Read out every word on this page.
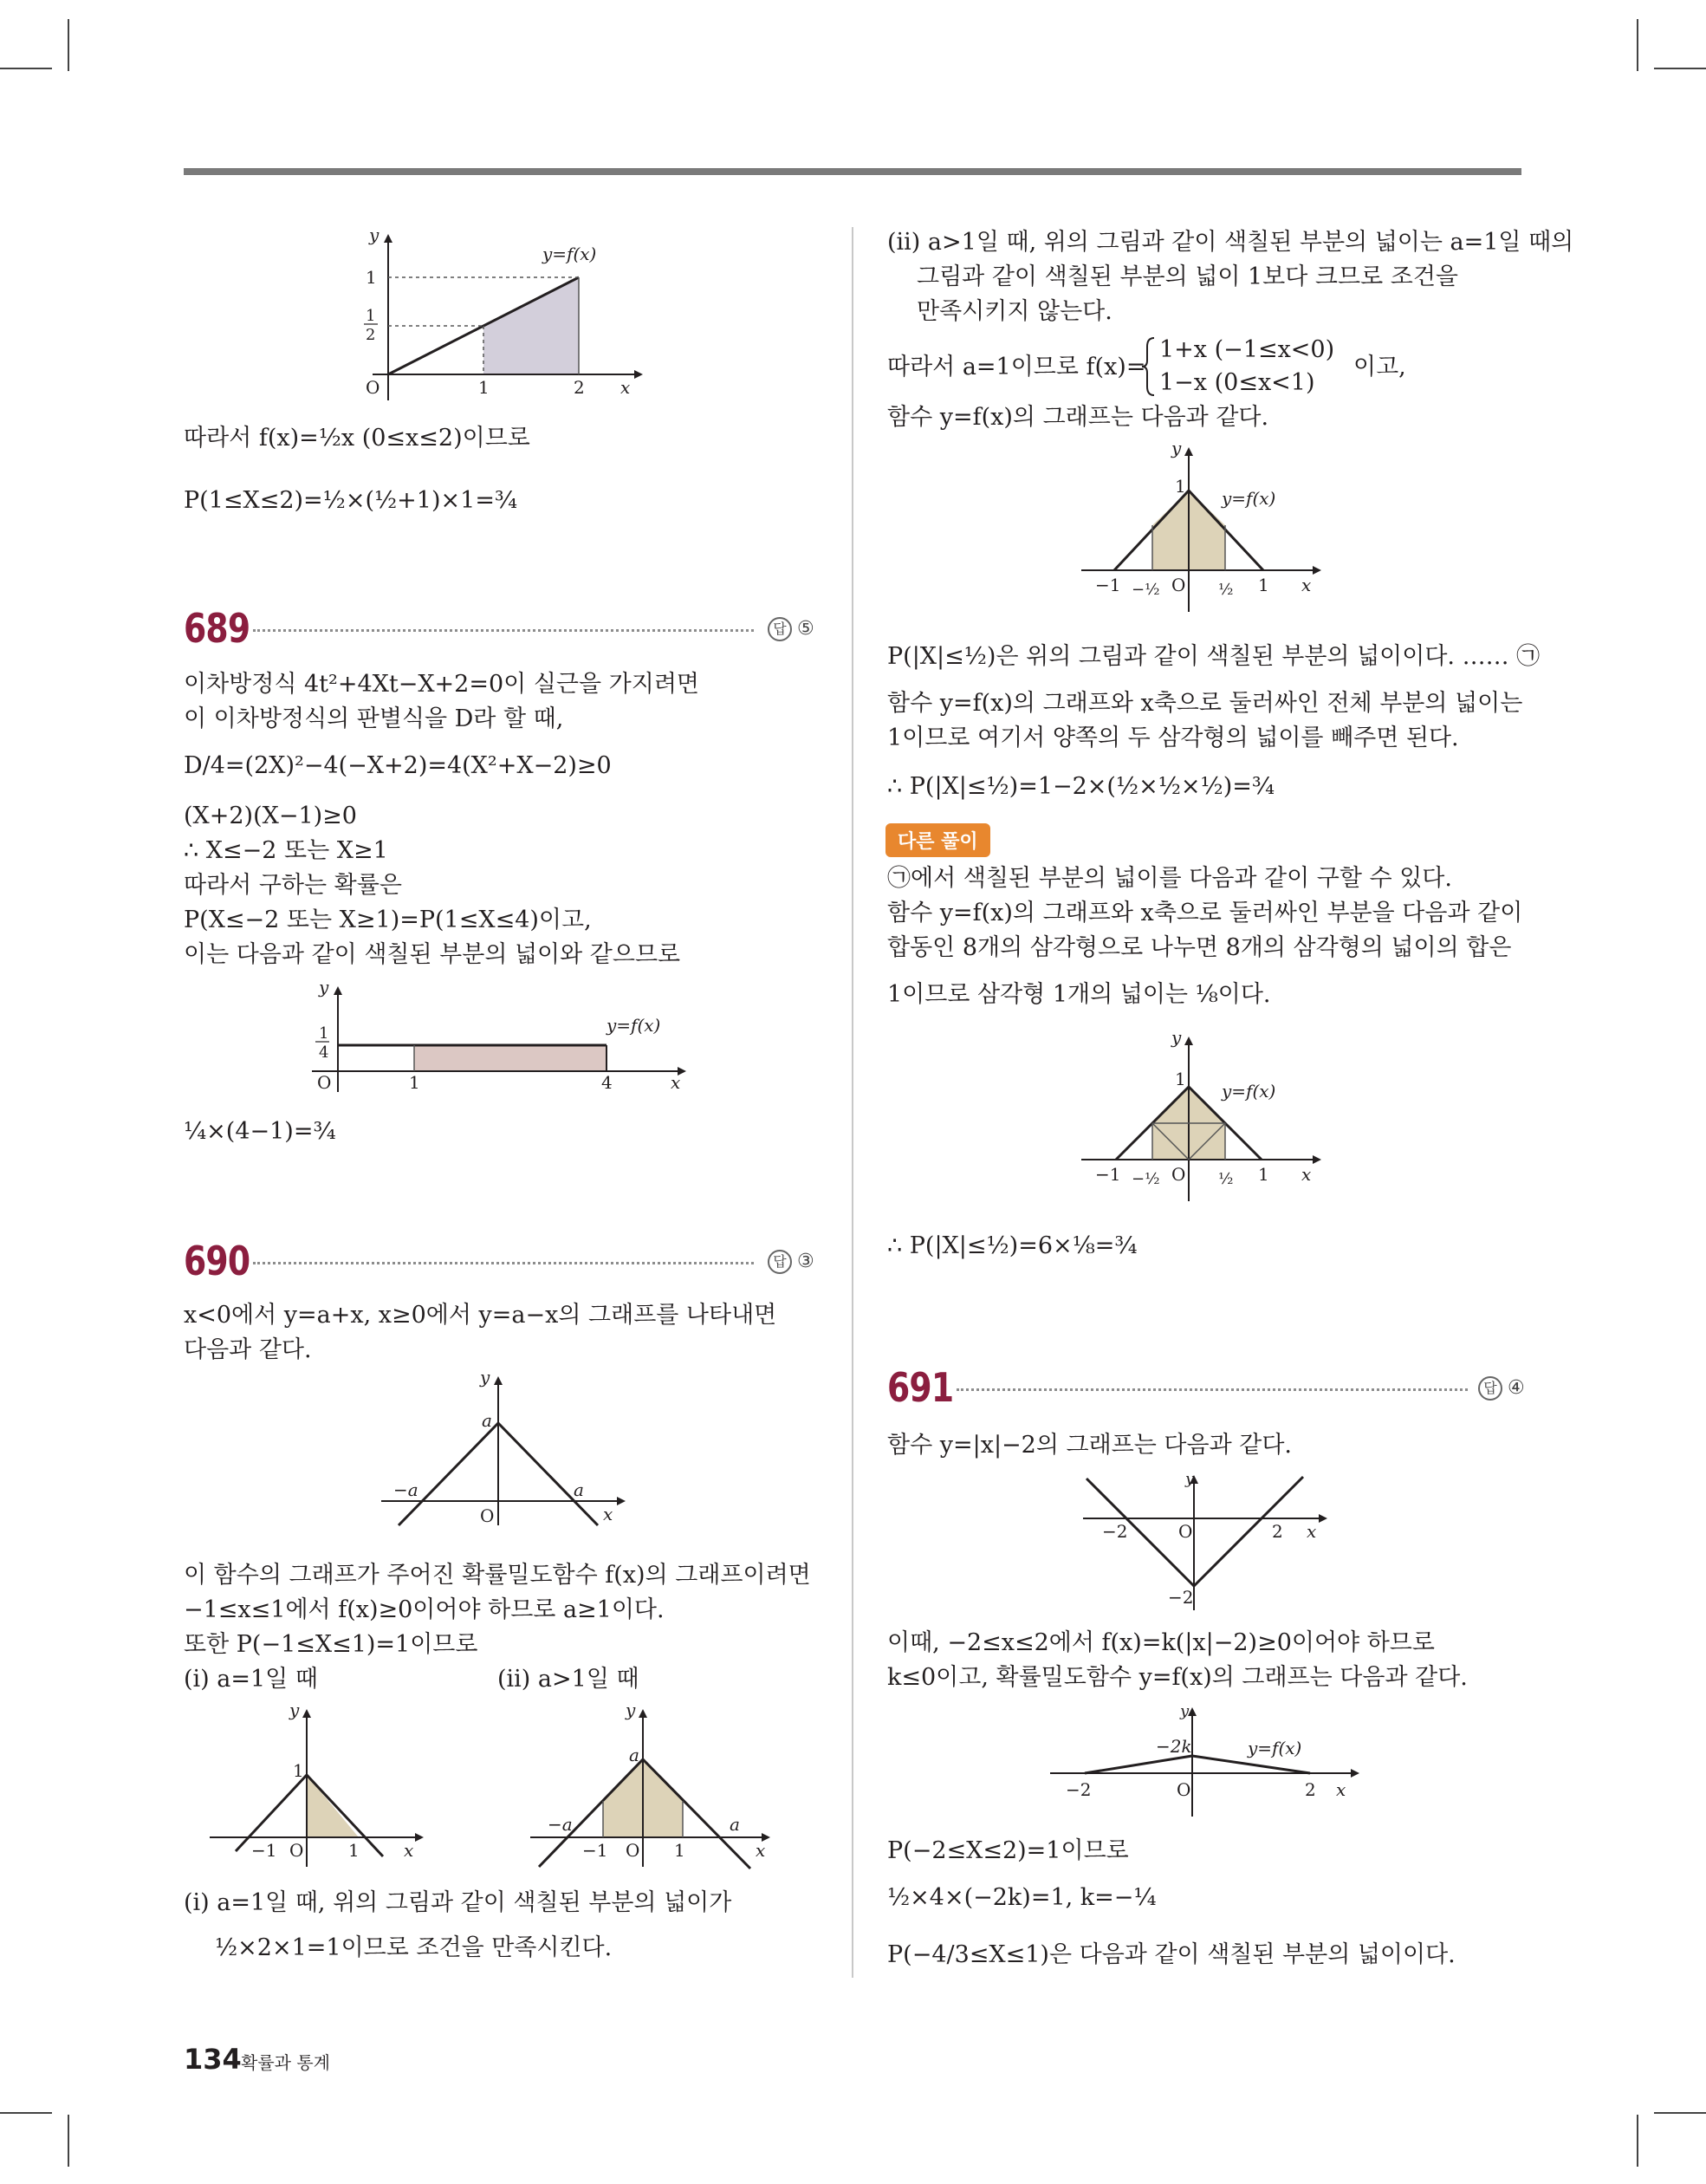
y
1
1
2
O	1	2 x
y=f(x)
따라서 f(x)=½x (0≤x≤2)이므로
P(1≤X≤2)=½×(½+1)×1=¾
689	답 ⑤
이차방정식 4t²+4Xt−X+2=0이 실근을 가지려면
이 이차방정식의 판별식을 D라 할 때,
D/4=(2X)²−4(−X+2)=4(X²+X−2)≥0
(X+2)(X−1)≥0
∴ X≤−2 또는 X≥1
따라서 구하는 확률은
P(X≤−2 또는 X≥1)=P(1≤X≤4)이고,
이는 다음과 같이 색칠된 부분의 넓이와 같으므로
y
1
4
O	1	4	x
y=f(x)
¼×(4−1)=¾
690	답 ③
x<0에서 y=a+x, x≥0에서 y=a−x의 그래프를 나타내면
다음과 같다.
y
a
−a	a
O	x
이 함수의 그래프가 주어진 확률밀도함수 f(x)의 그래프이려면
−1≤x≤1에서 f(x)≥0이어야 하므로 a≥1이다.
또한 P(−1≤X≤1)=1이므로
(i) a=1일 때	(ii) a>1일 때
y
1
−1 O	1	x
y
a
−a	a
−1 O 1	x
(i) a=1일 때, 위의 그림과 같이 색칠된 부분의 넓이가
½×2×1=1이므로 조건을 만족시킨다.
(ii) a>1일 때, 위의 그림과 같이 색칠된 부분의 넓이는 a=1일 때의
그림과 같이 색칠된 부분의 넓이 1보다 크므로 조건을
만족시키지 않는다.
따라서 a=1이므로 f(x)=
1+x (−1≤x<0)
1−x (0≤x<1)
이고,
함수 y=f(x)의 그래프는 다음과 같다.
y
1
y=f(x)
−1 −½ O ½ 1 x
P(|X|≤½)은 위의 그림과 같이 색칠된 부분의 넓이이다. …… ㉠
함수 y=f(x)의 그래프와 x축으로 둘러싸인 전체 부분의 넓이는
1이므로 여기서 양쪽의 두 삼각형의 넓이를 빼주면 된다.
∴ P(|X|≤½)=1−2×(½×½×½)=¾
다른 풀이
㉠에서 색칠된 부분의 넓이를 다음과 같이 구할 수 있다.
함수 y=f(x)의 그래프와 x축으로 둘러싸인 부분을 다음과 같이
합동인 8개의 삼각형으로 나누면 8개의 삼각형의 넓이의 합은
1이므로 삼각형 1개의 넓이는 ⅛이다.
y
1
y=f(x)
−1 −½ O ½ 1 x
∴ P(|X|≤½)=6×⅛=¾
691	답 ④
함수 y=|x|−2의 그래프는 다음과 같다.
y
−2	O	2 x
−2
이때, −2≤x≤2에서 f(x)=k(|x|−2)≥0이어야 하므로
k≤0이고, 확률밀도함수 y=f(x)의 그래프는 다음과 같다.
y
−2k	y=f(x)
−2	O	2 x
P(−2≤X≤2)=1이므로
½×4×(−2k)=1, k=−¼
P(−4/3≤X≤1)은 다음과 같이 색칠된 부분의 넓이이다.
134 확률과 통계
